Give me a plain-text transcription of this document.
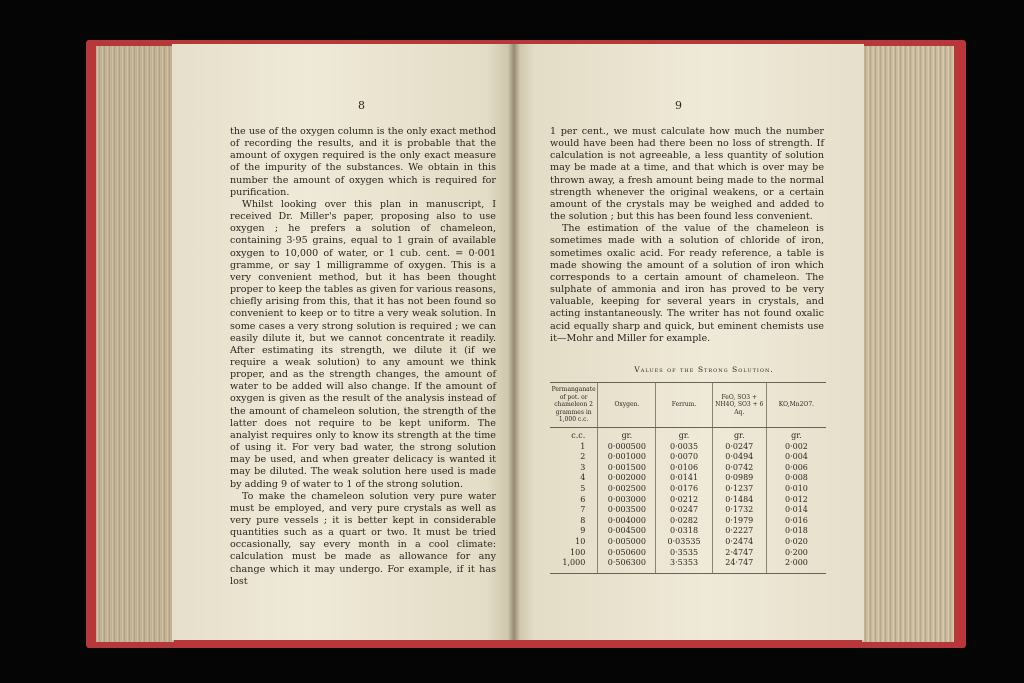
8

the use of the oxygen column is the only exact method of recording the results, and it is probable that the amount of oxygen required is the only exact measure of the impurity of the substances. We obtain in this number the amount of oxygen which is required for purification.

Whilst looking over this plan in manuscript, I received Dr. Miller's paper, proposing also to use oxygen ; he prefers a solution of chameleon, containing 3·95 grains, equal to 1 grain of available oxygen to 10,000 of water, or 1 cub. cent. = 0·001 gramme, or say 1 milligramme of oxygen. This is a very convenient method, but it has been thought proper to keep the tables as given for various reasons, chiefly arising from this, that it has not been found so convenient to keep or to titre a very weak solution. In some cases a very strong solution is required ; we can easily dilute it, but we cannot concentrate it readily. After estimating its strength, we dilute it (if we require a weak solution) to any amount we think proper, and as the strength changes, the amount of water to be added will also change. If the amount of oxygen is given as the result of the analysis instead of the amount of chameleon solution, the strength of the latter does not require to be kept uniform. The analyist requires only to know its strength at the time of using it. For very bad water, the strong solution may be used, and when greater delicacy is wanted it may be diluted. The weak solution here used is made by adding 9 of water to 1 of the strong solution.

To make the chameleon solution very pure water must be employed, and very pure crystals as well as very pure vessels ; it is better kept in considerable quantities such as a quart or two. It must be tried occasionally, say every month in a cool climate: calculation must be made as allowance for any change which it may undergo. For example, if it has lost

9

1 per cent., we must calculate how much the number would have been had there been no loss of strength. If calculation is not agreeable, a less quantity of solution may be made at a time, and that which is over may be thrown away, a fresh amount being made to the normal strength whenever the original weakens, or a certain amount of the crystals may be weighed and added to the solution ; but this has been found less convenient.

The estimation of the value of the chameleon is sometimes made with a solution of chloride of iron, sometimes oxalic acid. For ready reference, a table is made showing the amount of a solution of iron which corresponds to a certain amount of chameleon. The sulphate of ammonia and iron has proved to be very valuable, keeping for several years in crystals, and acting instantaneously. The writer has not found oxalic acid equally sharp and quick, but eminent chemists use it—Mohr and Miller for example.

Values of the Strong Solution.
Permanganate of pot. or chameleon 2 grammes in 1,000 c.c.
Oxygen.	Ferrum.
FeO, SO3 + NH4O, SO3 + 6 Aq.
KO,Mn2O7.
c.c.
1
2
3
4
5
6
7
8
9
10
100
1,000
gr.
0·000500
0·001000
0·001500
0·002000
0·002500
0·003000
0·003500
0·004000
0·004500
0·005000
0·050600
0·506300
gr.
0·0035
0·0070
0·0106
0·0141
0·0176
0·0212
0·0247
0·0282
0·0318
0·03535
0·3535
3·5353
gr.
0·0247
0·0494
0·0742
0·0989
0·1237
0·1484
0·1732
0·1979
0·2227
0·2474
2·4747
24·747
gr.
0·002
0·004
0·006
0·008
0·010
0·012
0·014
0·016
0·018
0·020
0·200
2·000
